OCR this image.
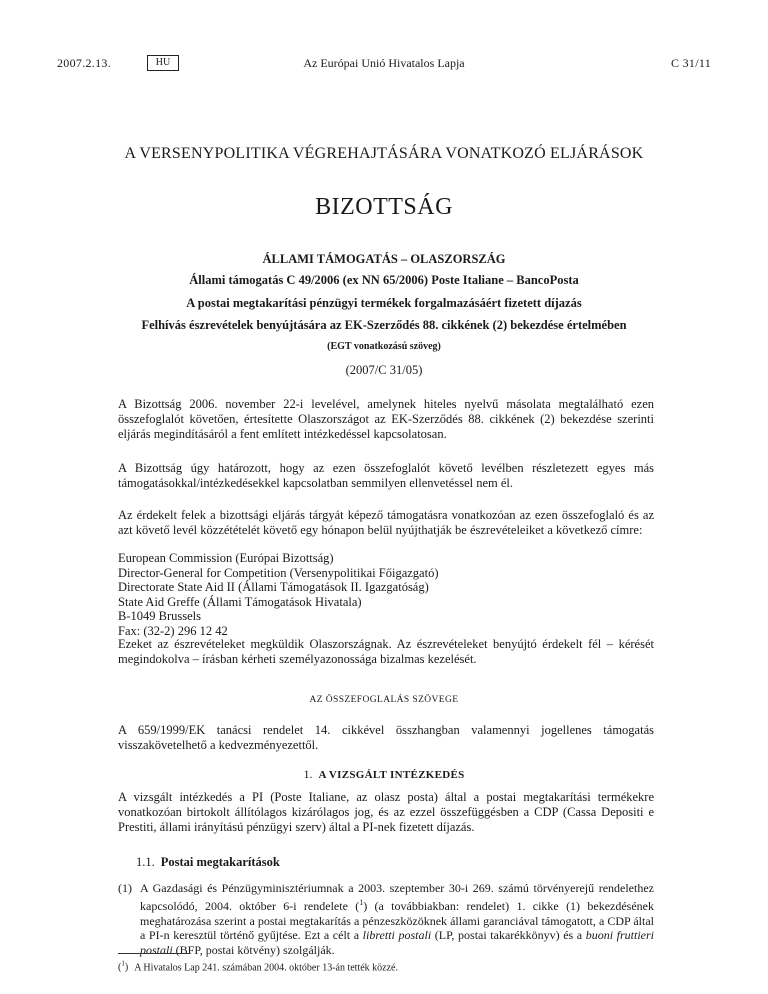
2007.2.13.	HU	Az Európai Unió Hivatalos Lapja	C 31/11
A VERSENYPOLITIKA VÉGREHAJTÁSÁRA VONATKOZÓ ELJÁRÁSOK
BIZOTTSÁG
ÁLLAMI TÁMOGATÁS – OLASZORSZÁG
Állami támogatás C 49/2006 (ex NN 65/2006) Poste Italiane – BancoPosta
A postai megtakarítási pénzügyi termékek forgalmazásáért fizetett díjazás
Felhívás észrevételek benyújtására az EK-Szerződés 88. cikkének (2) bekezdése értelmében
(EGT vonatkozású szöveg)
(2007/C 31/05)
A Bizottság 2006. november 22-i levelével, amelynek hiteles nyelvű másolata megtalálható ezen összefoglalót követően, értesítette Olaszországot az EK-Szerződés 88. cikkének (2) bekezdése szerinti eljárás megindításáról a fent említett intézkedéssel kapcsolatosan.
A Bizottság úgy határozott, hogy az ezen összefoglalót követő levélben részletezett egyes más támogatásokkal/intézkedésekkel kapcsolatban semmilyen ellenvetéssel nem él.
Az érdekelt felek a bizottsági eljárás tárgyát képező támogatásra vonatkozóan az ezen összefoglaló és az azt követő levél közzétételét követő egy hónapon belül nyújthatják be észrevételeiket a következő címre:
European Commission (Európai Bizottság)
Director-General for Competition (Versenypolitikai Főigazgató)
Directorate State Aid II (Állami Támogatások II. Igazgatóság)
State Aid Greffe (Állami Támogatások Hivatala)
B-1049 Brussels
Fax: (32-2) 296 12 42
Ezeket az észrevételeket megküldik Olaszországnak. Az észrevételeket benyújtó érdekelt fél – kérését megindokolva – írásban kérheti személyazonossága bizalmas kezelését.
AZ ÖSSZEFOGLALÁS SZÖVEGE
A 659/1999/EK tanácsi rendelet 14. cikkével összhangban valamennyi jogellenes támogatás visszakövetelhető a kedvezményezettől.
1. A VIZSGÁLT INTÉZKEDÉS
A vizsgált intézkedés a PI (Poste Italiane, az olasz posta) által a postai megtakarítási termékekre vonatkozóan birtokolt állítólagos kizárólagos jog, és az ezzel összefüggésben a CDP (Cassa Depositi e Prestiti, állami irányítású pénzügyi szerv) által a PI-nek fizetett díjazás.
1.1. Postai megtakarítások
(1) A Gazdasági és Pénzügyminisztériumnak a 2003. szeptember 30-i 269. számú törvényerejű rendelethez kapcsolódó, 2004. október 6-i rendelete ($^1$) (a továbbiakban: rendelet) 1. cikke (1) bekezdésének meghatározása szerint a postai megtakarítás a pénzeszközöknek állami garanciával támogatott, a CDP által a PI-n keresztül történő gyűjtése. Ezt a célt a libretti postali (LP, postai takarékkönyv) és a buoni fruttieri postali (BFP, postai kötvény) szolgálják.
($^1$) A Hivatalos Lap 241. számában 2004. október 13-án tették közzé.
